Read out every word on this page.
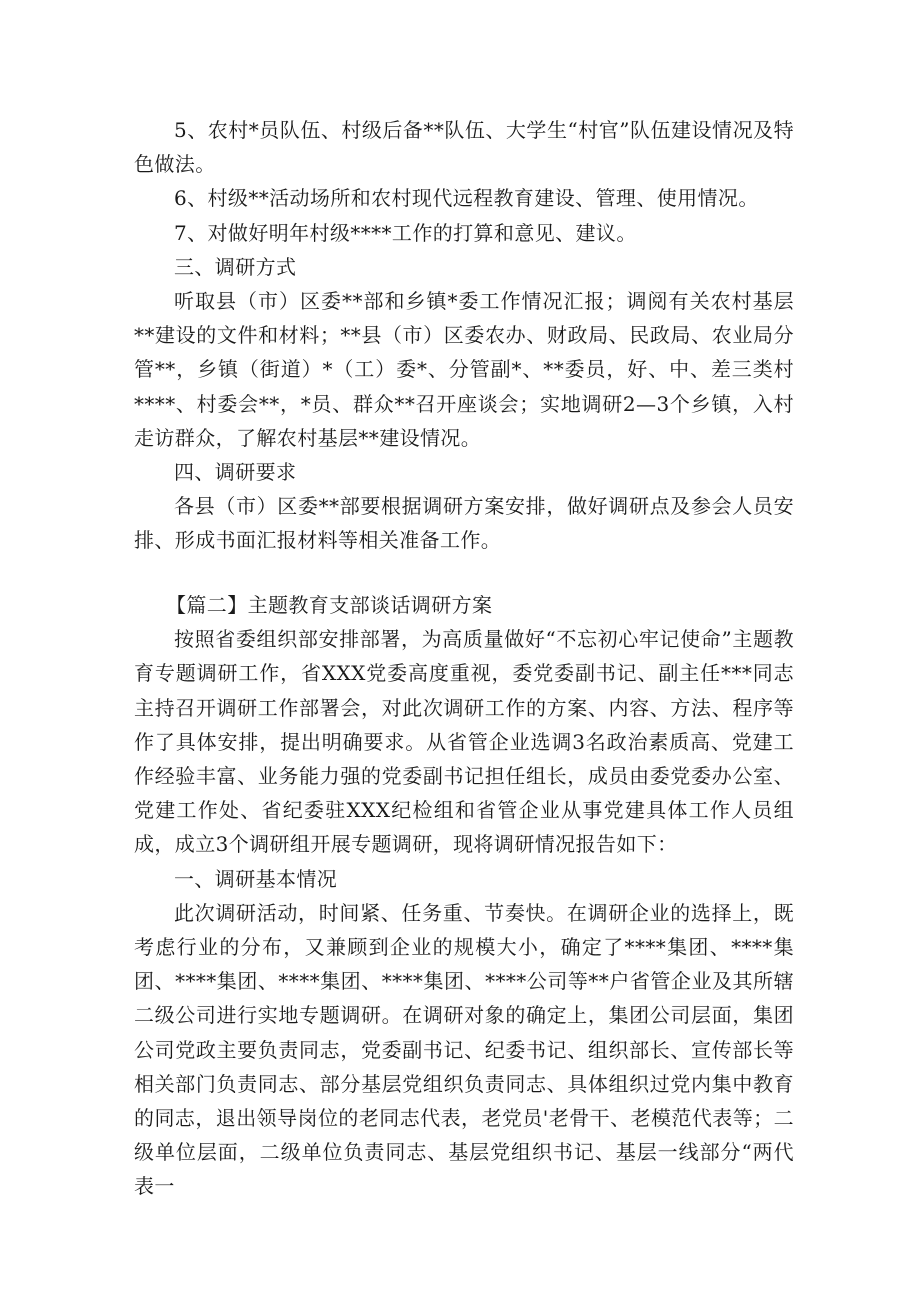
5、农村*员队伍、村级后备**队伍、大学生“村官”队伍建设情况及特色做法。

6、村级**活动场所和农村现代远程教育建设、管理、使用情况。

7、对做好明年村级****工作的打算和意见、建议。

三、调研方式

听取县（市）区委**部和乡镇*委工作情况汇报；调阅有关农村基层**建设的文件和材料；**县（市）区委农办、财政局、民政局、农业局分管**，乡镇（街道）*（工）委*、分管副*、**委员，好、中、差三类村****、村委会**，*员、群众**召开座谈会；实地调研2—3个乡镇，入村走访群众，了解农村基层**建设情况。

四、调研要求

各县（市）区委**部要根据调研方案安排，做好调研点及参会人员安排、形成书面汇报材料等相关准备工作。

【篇二】主题教育支部谈话调研方案

按照省委组织部安排部署，为高质量做好“不忘初心牢记使命”主题教育专题调研工作，省XXX党委高度重视，委党委副书记、副主任***同志主持召开调研工作部署会，对此次调研工作的方案、内容、方法、程序等作了具体安排，提出明确要求。从省管企业选调3名政治素质高、党建工作经验丰富、业务能力强的党委副书记担任组长，成员由委党委办公室、党建工作处、省纪委驻XXX纪检组和省管企业从事党建具体工作人员组成，成立3个调研组开展专题调研，现将调研情况报告如下：

一、调研基本情况

此次调研活动，时间紧、任务重、节奏快。在调研企业的选择上，既考虑行业的分布，又兼顾到企业的规模大小，确定了****集团、****集团、****集团、****集团、****集团、****公司等**户省管企业及其所辖二级公司进行实地专题调研。在调研对象的确定上，集团公司层面，集团公司党政主要负责同志，党委副书记、纪委书记、组织部长、宣传部长等相关部门负责同志、部分基层党组织负责同志、具体组织过党内集中教育的同志，退出领导岗位的老同志代表，老党员'老骨干、老模范代表等；二级单位层面，二级单位负责同志、基层党组织书记、基层一线部分“两代表一
